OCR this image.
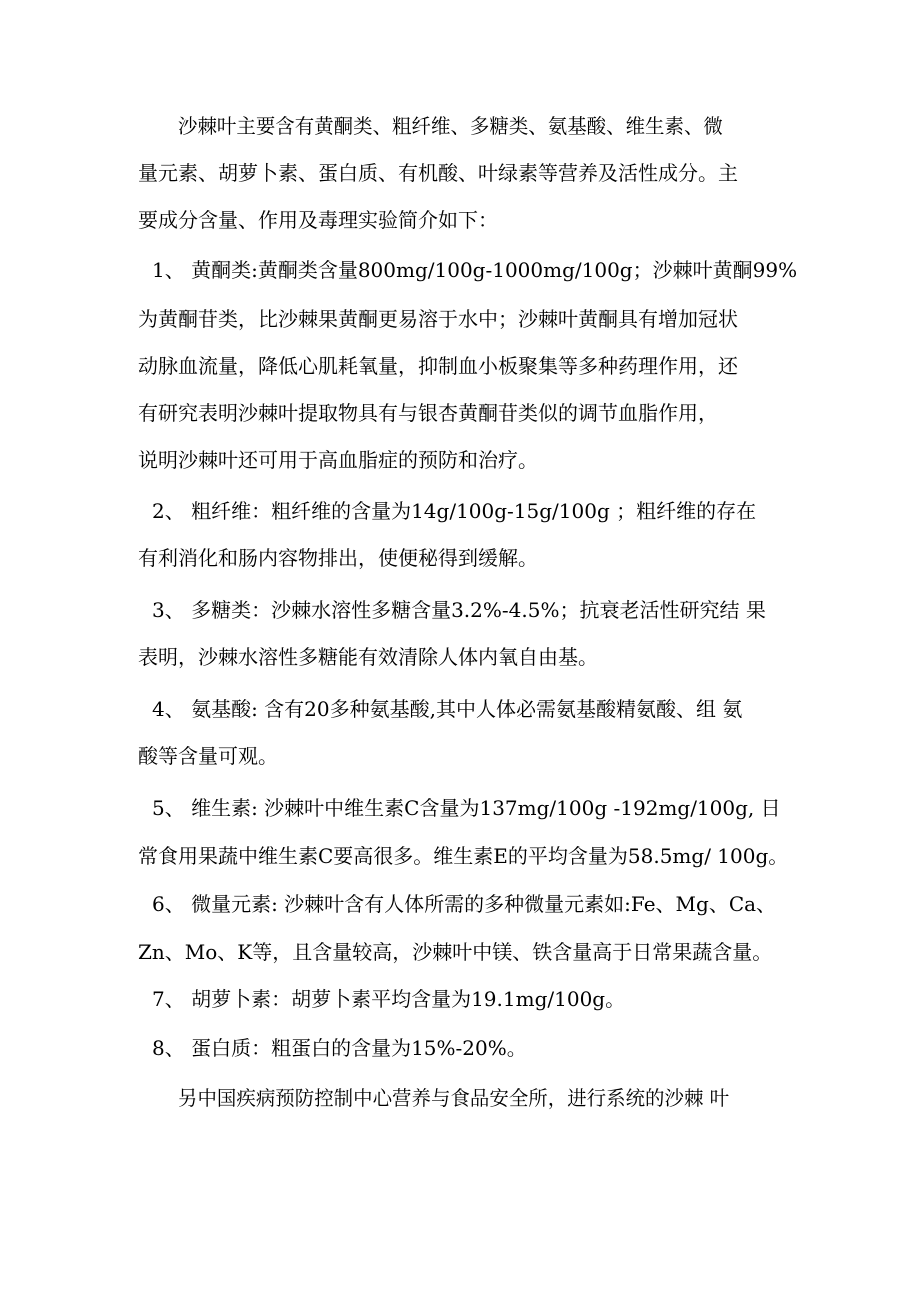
沙棘叶主要含有黄酮类、粗纤维、多糖类、氨基酸、维生素、微
量元素、胡萝卜素、蛋白质、有机酸、叶绿素等营养及活性成分。主
要成分含量、作用及毒理实验简介如下：
1、 黄酮类:黄酮类含量800mg/100g-1000mg/100g；沙棘叶黄酮99%
为黄酮苷类，比沙棘果黄酮更易溶于水中；沙棘叶黄酮具有增加冠状
动脉血流量，降低心肌耗氧量，抑制血小板聚集等多种药理作用，还
有研究表明沙棘叶提取物具有与银杏黄酮苷类似的调节血脂作用，
说明沙棘叶还可用于高血脂症的预防和治疗。
2、 粗纤维：粗纤维的含量为14g/100g-15g/100g ；粗纤维的存在
有利消化和肠内容物排出，使便秘得到缓解。
3、 多糖类：沙棘水溶性多糖含量3.2%-4.5%；抗衰老活性研究结 果
表明，沙棘水溶性多糖能有效清除人体内氧自由基。
4、 氨基酸: 含有20多种氨基酸,其中人体必需氨基酸精氨酸、组 氨
酸等含量可观。
5、 维生素: 沙棘叶中维生素C含量为137mg/100g -192mg/100g, 日
常食用果蔬中维生素C要高很多。维生素E的平均含量为58.5mg/ 100g。
6、 微量元素: 沙棘叶含有人体所需的多种微量元素如:Fe、Mg、Ca、
Zn、Mo、K等，且含量较高，沙棘叶中镁、铁含量高于日常果蔬含量。
7、 胡萝卜素：胡萝卜素平均含量为19.1mg/100g。
8、 蛋白质：粗蛋白的含量为15%-20%。
另中国疾病预防控制中心营养与食品安全所，进行系统的沙棘 叶
